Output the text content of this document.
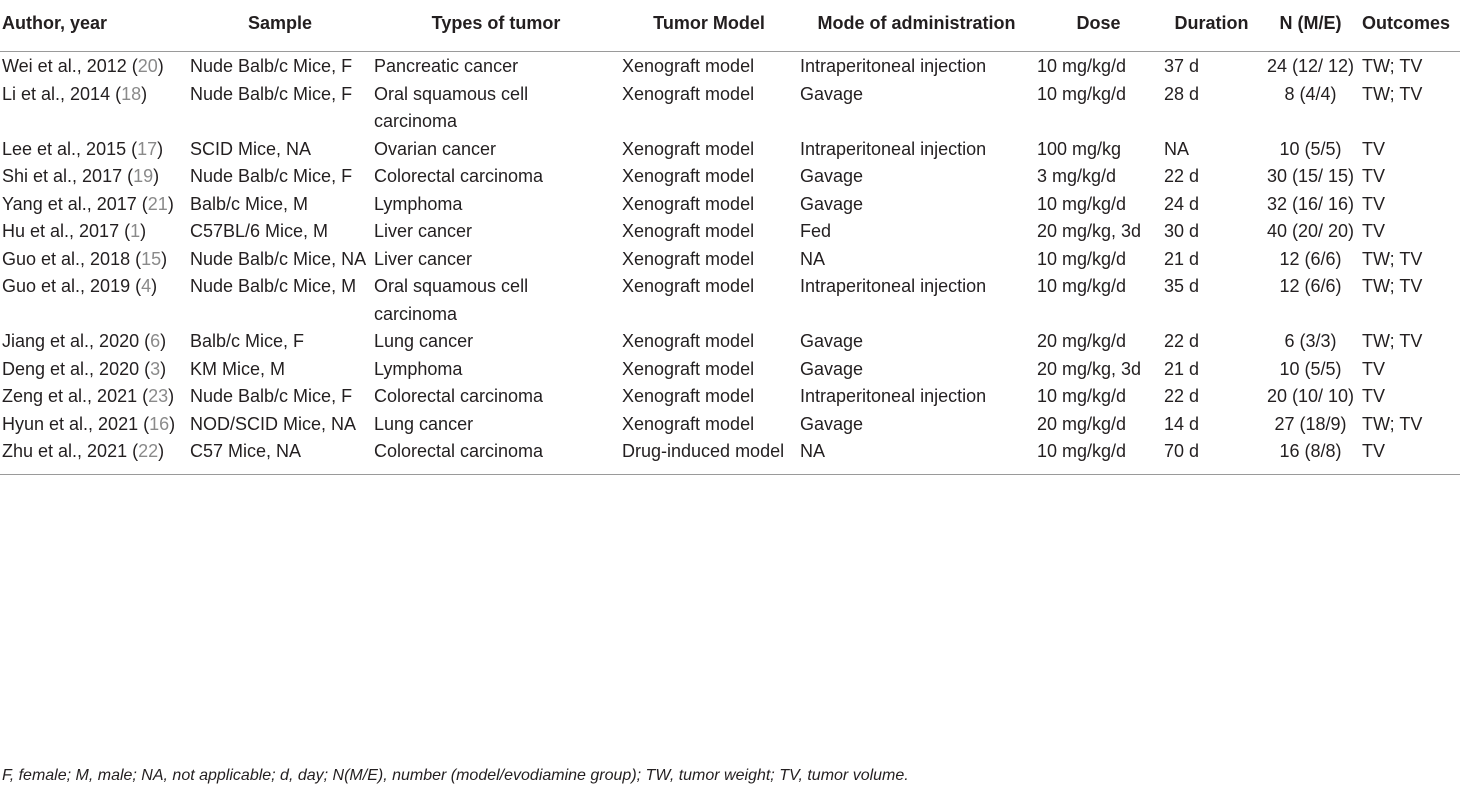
Author, year	Sample	Types of tumor	Tumor Model	Mode of administration	Dose	Duration	N (M/E)	Outcomes
Wei et al., 2012 (20)	Nude Balb/c Mice, F	Pancreatic cancer	Xenograft model	Intraperitoneal injection	10 mg/kg/d	37 d	24 (12/ 12)	TW; TV
Li et al., 2014 (18)	Nude Balb/c Mice, F	Oral squamous cell carcinoma	Xenograft model	Gavage	10 mg/kg/d	28 d	8 (4/4)	TW; TV
Lee et al., 2015 (17)	SCID Mice, NA	Ovarian cancer	Xenograft model	Intraperitoneal injection	100 mg/kg	NA	10 (5/5)	TV
Shi et al., 2017 (19)	Nude Balb/c Mice, F	Colorectal carcinoma	Xenograft model	Gavage	3 mg/kg/d	22 d	30 (15/ 15)	TV
Yang et al., 2017 (21)	Balb/c Mice, M	Lymphoma	Xenograft model	Gavage	10 mg/kg/d	24 d	32 (16/ 16)	TV
Hu et al., 2017 (1)	C57BL/6 Mice, M	Liver cancer	Xenograft model	Fed	20 mg/kg, 3d	30 d	40 (20/ 20)	TV
Guo et al., 2018 (15)	Nude Balb/c Mice, NA	Liver cancer	Xenograft model	NA	10 mg/kg/d	21 d	12 (6/6)	TW; TV
Guo et al., 2019 (4)	Nude Balb/c Mice, M	Oral squamous cell carcinoma	Xenograft model	Intraperitoneal injection	10 mg/kg/d	35 d	12 (6/6)	TW; TV
Jiang et al., 2020 (6)	Balb/c Mice, F	Lung cancer	Xenograft model	Gavage	20 mg/kg/d	22 d	6 (3/3)	TW; TV
Deng et al., 2020 (3)	KM Mice, M	Lymphoma	Xenograft model	Gavage	20 mg/kg, 3d	21 d	10 (5/5)	TV
Zeng et al., 2021 (23)	Nude Balb/c Mice, F	Colorectal carcinoma	Xenograft model	Intraperitoneal injection	10 mg/kg/d	22 d	20 (10/ 10)	TV
Hyun et al., 2021 (16)	NOD/SCID Mice, NA	Lung cancer	Xenograft model	Gavage	20 mg/kg/d	14 d	27 (18/9)	TW; TV
Zhu et al., 2021 (22)	C57 Mice, NA	Colorectal carcinoma	Drug-induced model	NA	10 mg/kg/d	70 d	16 (8/8)	TV
F, female; M, male; NA, not applicable; d, day; N(M/E), number (model/evodiamine group); TW, tumor weight; TV, tumor volume.
